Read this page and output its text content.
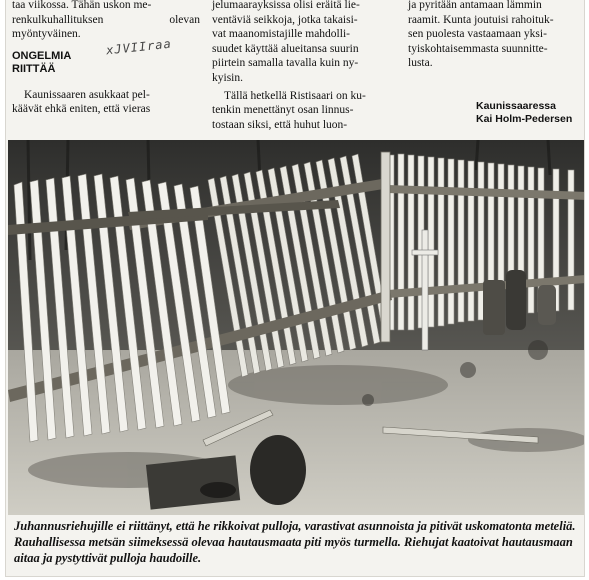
taa viikossa. Tähän uskon me-

renkulkuhallituksen olevan

myöntyväinen.

ONGELMIA
RIITTÄÄ

Kaunissaaren asukkaat pel-
käävät ehkä eniten, että vieras

xJVIIraa

jelumaarayksissa olisi eräitä lie-
ventäviä seikkoja, jotka takaisi-
vat maanomistajille mahdolli-
suudet käyttää alueitansa suurin
piirtein samalla tavalla kuin ny-
kyisin.

Tällä hetkellä Ristisaari on ku-
tenkin menettänyt osan linnus-
tostaan siksi, että huhut luon-

ja pyritään antamaan lämmin
raamit. Kunta joutuisi rahoituk-
sen puolesta vastaamaan yksi-
tyiskohtaisemmasta suunnitte-
lusta.

Kaunissaaressa
Kai Holm-Pedersen
Juhannusriehujille ei riittänyt, että he rikkoivat pulloja, varastivat asunnoista ja pitivät uskomatonta meteliä. Rauhallisessa metsän siimeksessä olevaa hautausmaata piti myös turmella. Riehujat kaatoivat hautausmaan aitaa ja pystyttivät pulloja haudoille.
